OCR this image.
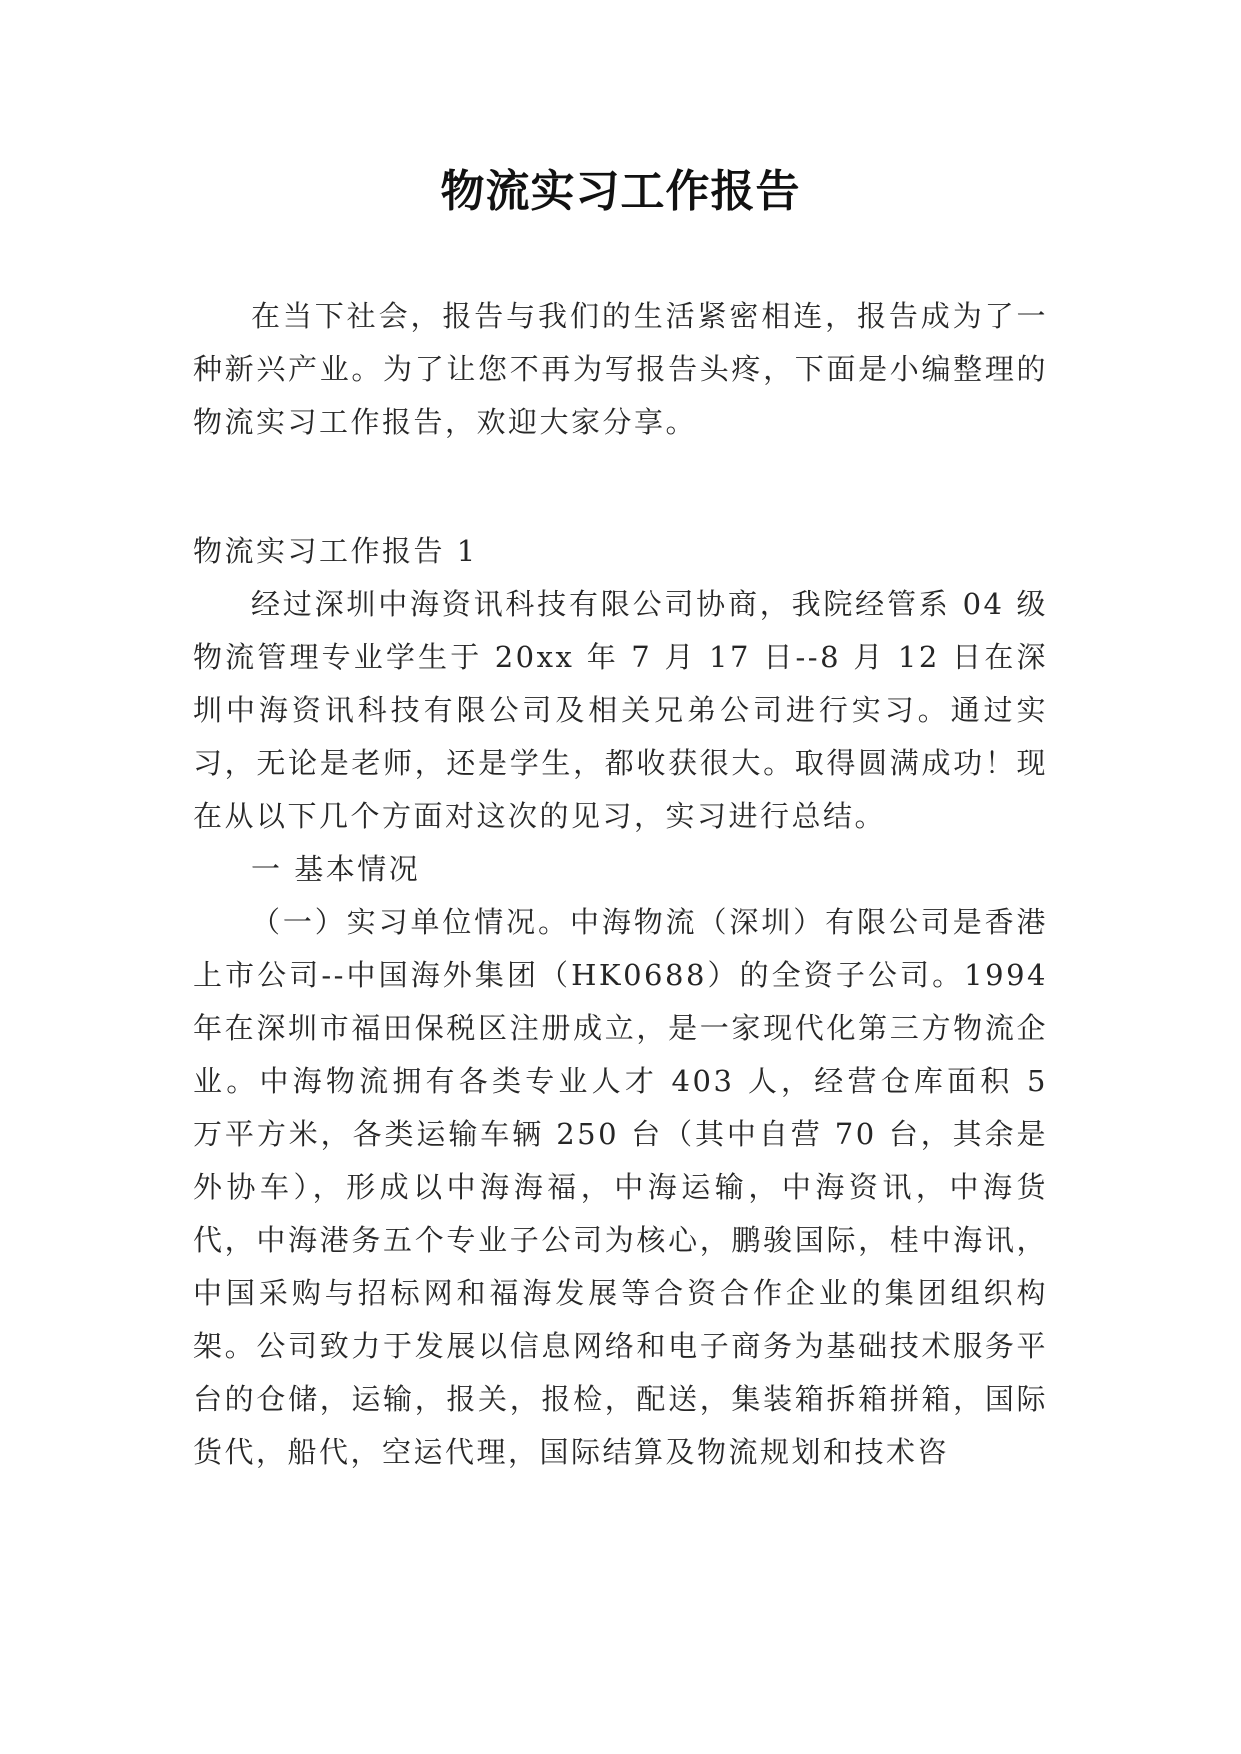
物流实习工作报告

在当下社会，报告与我们的生活紧密相连，报告成为了一种新兴产业。为了让您不再为写报告头疼，下面是小编整理的物流实习工作报告，欢迎大家分享。

物流实习工作报告 1

经过深圳中海资讯科技有限公司协商，我院经管系 04 级物流管理专业学生于 20xx 年 7 月 17 日--8 月 12 日在深圳中海资讯科技有限公司及相关兄弟公司进行实习。通过实习，无论是老师，还是学生，都收获很大。取得圆满成功！现在从以下几个方面对这次的见习，实习进行总结。

一 基本情况

（一）实习单位情况。中海物流（深圳）有限公司是香港上市公司--中国海外集团（HK0688）的全资子公司。1994 年在深圳市福田保税区注册成立，是一家现代化第三方物流企业。中海物流拥有各类专业人才 403 人，经营仓库面积 5 万平方米，各类运输车辆 250 台（其中自营 70 台，其余是外协车），形成以中海海福，中海运输，中海资讯，中海货代，中海港务五个专业子公司为核心，鹏骏国际，桂中海讯，中国采购与招标网和福海发展等合资合作企业的集团组织构架。公司致力于发展以信息网络和电子商务为基础技术服务平台的仓储，运输，报关，报检，配送，集装箱拆箱拼箱，国际货代，船代，空运代理，国际结算及物流规划和技术咨
